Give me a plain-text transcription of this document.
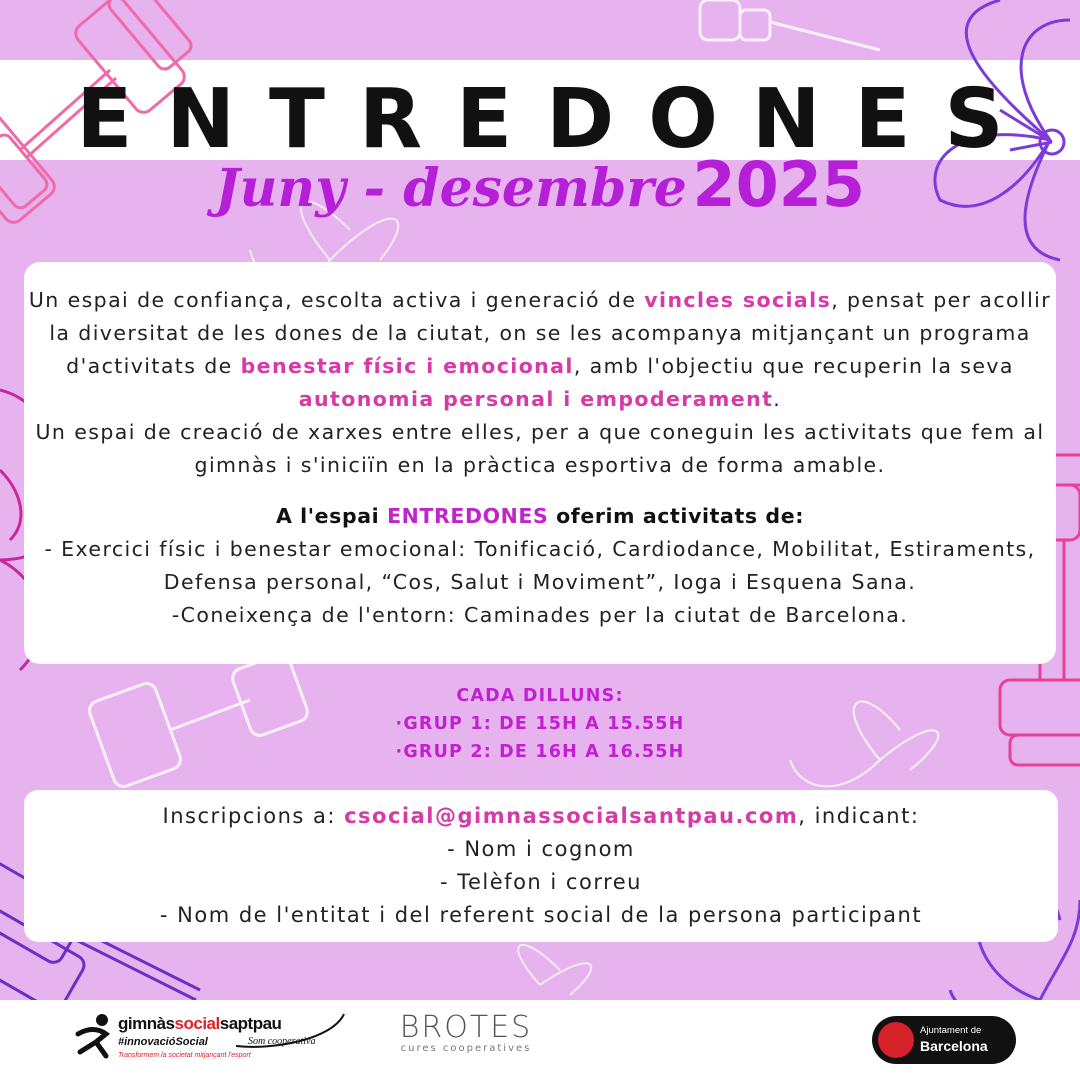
ENTREDONES
Juny - desembre 2025
Un espai de confiança, escolta activa i generació de vincles socials, pensat per acollir la diversitat de les dones de la ciutat, on se les acompanya mitjançant un programa d'activitats de benestar físic i emocional, amb l'objectiu que recuperin la seva autonomia personal i empoderament.
Un espai de creació de xarxes entre elles, per a que coneguin les activitats que fem al gimnàs i s'iniciïn en la pràctica esportiva de forma amable.
A l'espai ENTREDONES oferim activitats de:
- Exercici físic i benestar emocional: Tonificació, Cardiodance, Mobilitat, Estiraments, Defensa personal, “Cos, Salut i Moviment”, Ioga i Esquena Sana.
-Coneixença de l'entorn: Caminades per la ciutat de Barcelona.
CADA DILLUNS:
·GRUP 1: DE 15H A 15.55H
·GRUP 2: DE 16H A 16.55H
Inscripcions a: csocial@gimnassocialsantpau.com, indicant:
- Nom i cognom
- Telèfon i correu
- Nom de l'entitat i del referent social de la persona participant
gimnàssocialsaptpau
#innovacióSocial
Transformem la societat mitjançant l'esport
Som cooperativa	BROTES
cures cooperatives
Ajuntament de
Barcelona
